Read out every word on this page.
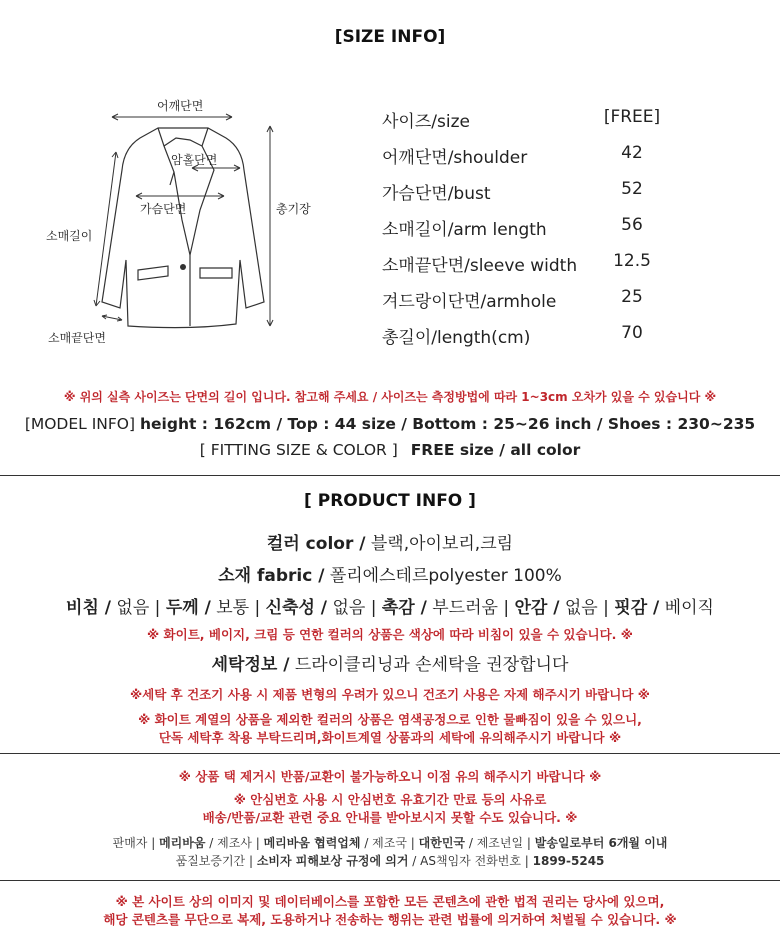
[SIZE INFO]
어깨단면
암홀단면
가슴단면	총기장
소매길이
소매끝단면
사이즈/size	[FREE]
어깨단면/shoulder	42
가슴단면/bust	52
소매길이/arm length	56
소매끝단면/sleeve width	12.5
겨드랑이단면/armhole	25
총길이/length(cm)	70
※ 위의 실측 사이즈는 단면의 길이 입니다. 참고해 주세요 / 사이즈는 측정방법에 따라 1~3cm 오차가 있을 수 있습니다 ※
[MODEL INFO] height : 162cm / Top : 44 size / Bottom : 25~26 inch / Shoes : 230~235
[ FITTING SIZE & COLOR ] FREE size / all color
[ PRODUCT INFO ]
컬러 color / 블랙,아이보리,크림
소재 fabric / 폴리에스테르polyester 100%
비침 / 없음 | 두께 / 보통 | 신축성 / 없음 | 촉감 / 부드러움 | 안감 / 없음 | 핏감 / 베이직
※ 화이트, 베이지, 크림 등 연한 컬러의 상품은 색상에 따라 비침이 있을 수 있습니다. ※
세탁정보 / 드라이클리닝과 손세탁을 권장합니다
※세탁 후 건조기 사용 시 제품 변형의 우려가 있으니 건조기 사용은 자제 해주시기 바랍니다 ※
※ 화이트 계열의 상품을 제외한 컬러의 상품은 염색공정으로 인한 물빠짐이 있을 수 있으니,
단독 세탁후 착용 부탁드리며,화이트계열 상품과의 세탁에 유의해주시기 바랍니다 ※
※ 상품 택 제거시 반품/교환이 불가능하오니 이점 유의 해주시기 바랍니다 ※
※ 안심번호 사용 시 안심번호 유효기간 만료 등의 사유로
배송/반품/교환 관련 중요 안내를 받아보시지 못할 수도 있습니다. ※
판매자 | 메리바움 / 제조사 | 메리바움 협력업체 / 제조국 | 대한민국 / 제조년일 | 발송일로부터 6개월 이내
품질보증기간 | 소비자 피해보상 규정에 의거 / AS책임자 전화번호 | 1899-5245
※ 본 사이트 상의 이미지 및 데이터베이스를 포함한 모든 콘텐츠에 관한 법적 권리는 당사에 있으며,
해당 콘텐츠를 무단으로 복제, 도용하거나 전송하는 행위는 관련 법률에 의거하여 처벌될 수 있습니다. ※
